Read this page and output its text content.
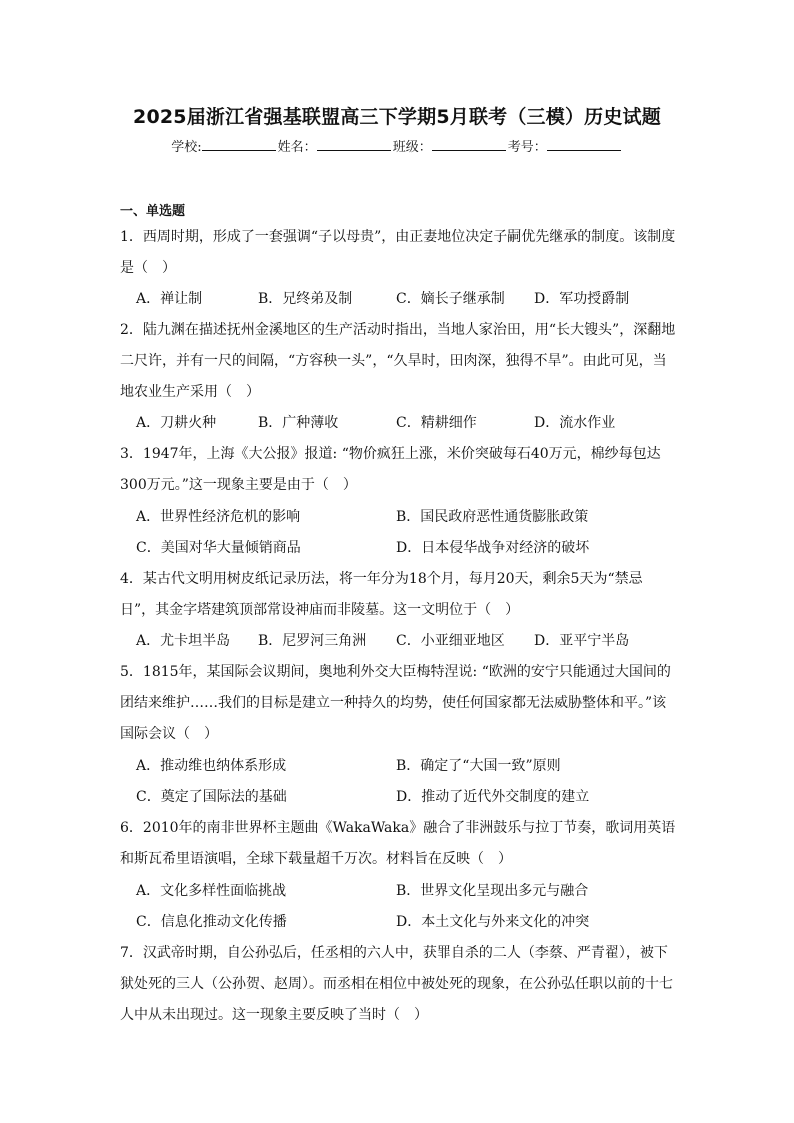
2025届浙江省强基联盟高三下学期5月联考（三模）历史试题
学校:	姓名：	班级：	考号：
一、单选题
1．西周时期，形成了一套强调“子以母贵”，由正妻地位决定子嗣优先继承的制度。该制度是（　）
A．禅让制	B．兄终弟及制	C．嫡长子继承制 D．军功授爵制
2．陆九渊在描述抚州金溪地区的生产活动时指出，当地人家治田，用“长大锼头”，深翻地二尺许，并有一尺的间隔，“方容秧一头”，“久旱时，田肉深，独得不旱”。由此可见，当地农业生产采用（　）
A．刀耕火种	B．广种薄收	C．精耕细作	D．流水作业
3．1947年，上海《大公报》报道: “物价疯狂上涨，米价突破每石40万元，棉纱每包达300万元。”这一现象主要是由于（　）
A．世界性经济危机的影响	B．国民政府恶性通货膨胀政策
C．美国对华大量倾销商品	D．日本侵华战争对经济的破坏
4．某古代文明用树皮纸记录历法，将一年分为18个月，每月20天，剩余5天为“禁忌日”，其金字塔建筑顶部常设神庙而非陵墓。这一文明位于（　）
A．尤卡坦半岛 B．尼罗河三角洲 C．小亚细亚地区 D．亚平宁半岛
5．1815年，某国际会议期间，奥地利外交大臣梅特涅说: “欧洲的安宁只能通过大国间的团结来维护……我们的目标是建立一种持久的均势，使任何国家都无法威胁整体和平。”该国际会议（　）
A．推动维也纳体系形成	B．确定了“大国一致”原则
C．奠定了国际法的基础	D．推动了近代外交制度的建立
6．2010年的南非世界杯主题曲《WakaWaka》融合了非洲鼓乐与拉丁节奏，歌词用英语和斯瓦希里语演唱，全球下载量超千万次。材料旨在反映（　）
A．文化多样性面临挑战	B．世界文化呈现出多元与融合
C．信息化推动文化传播	D．本土文化与外来文化的冲突
7．汉武帝时期，自公孙弘后，任丞相的六人中，获罪自杀的二人（李蔡、严青翟），被下狱处死的三人（公孙贺、赵周）。而丞相在相位中被处死的现象，在公孙弘任职以前的十七人中从未出现过。这一现象主要反映了当时（　）
